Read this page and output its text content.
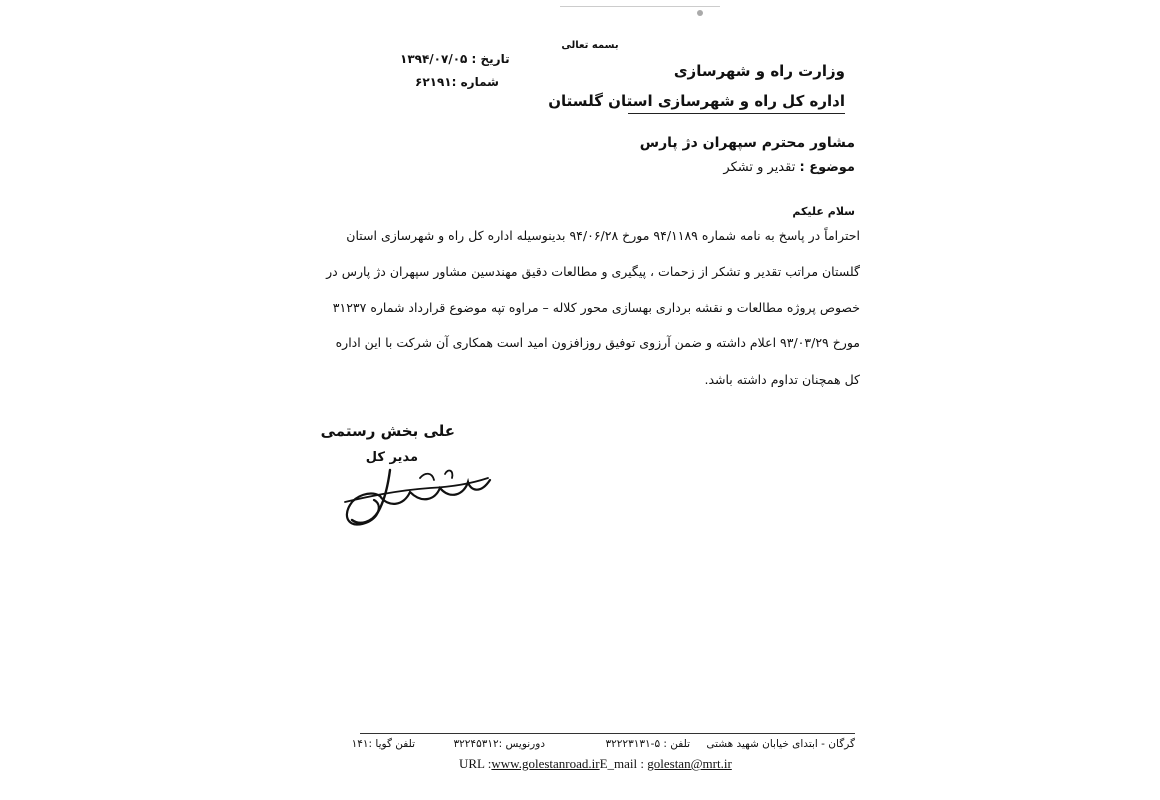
بسمه تعالی
وزارت راه و شهرسازی
اداره کل راه و شهرسازی استان گلستان
تاریخ : ۱۳۹۴/۰۷/۰۵
شماره :۶۲۱۹۱
مشاور محترم سپهران دژ پارس
موضوع : تقدیر و تشکر
سلام علیکم
احتراماً در پاسخ به نامه شماره ۹۴/۱۱۸۹ مورخ ۹۴/۰۶/۲۸ بدینوسیله اداره کل راه و شهرسازی استان
گلستان مراتب تقدیر و تشکر از زحمات ، پیگیری و مطالعات دقیق مهندسین مشاور سپهران دژ پارس در
خصوص پروژه مطالعات و نقشه برداری بهسازی محور کلاله – مراوه تپه موضوع قرارداد شماره ۳۱۲۳۷
مورخ ۹۳/۰۳/۲۹ اعلام داشته و ضمن آرزوی توفیق روزافزون امید است همکاری آن شرکت با این اداره
کل همچنان تداوم داشته باشد.
علی بخش رستمی
مدیر کل
گرگان - ابتدای خیابان شهید هشتی
تلفن : ۵-۳۲۲۲۳۱۳۱
دورنویس :۳۲۲۴۵۳۱۲
تلفن گویا :۱۴۱
URL :www.golestanroad.irE_mail : golestan@mrt.ir
